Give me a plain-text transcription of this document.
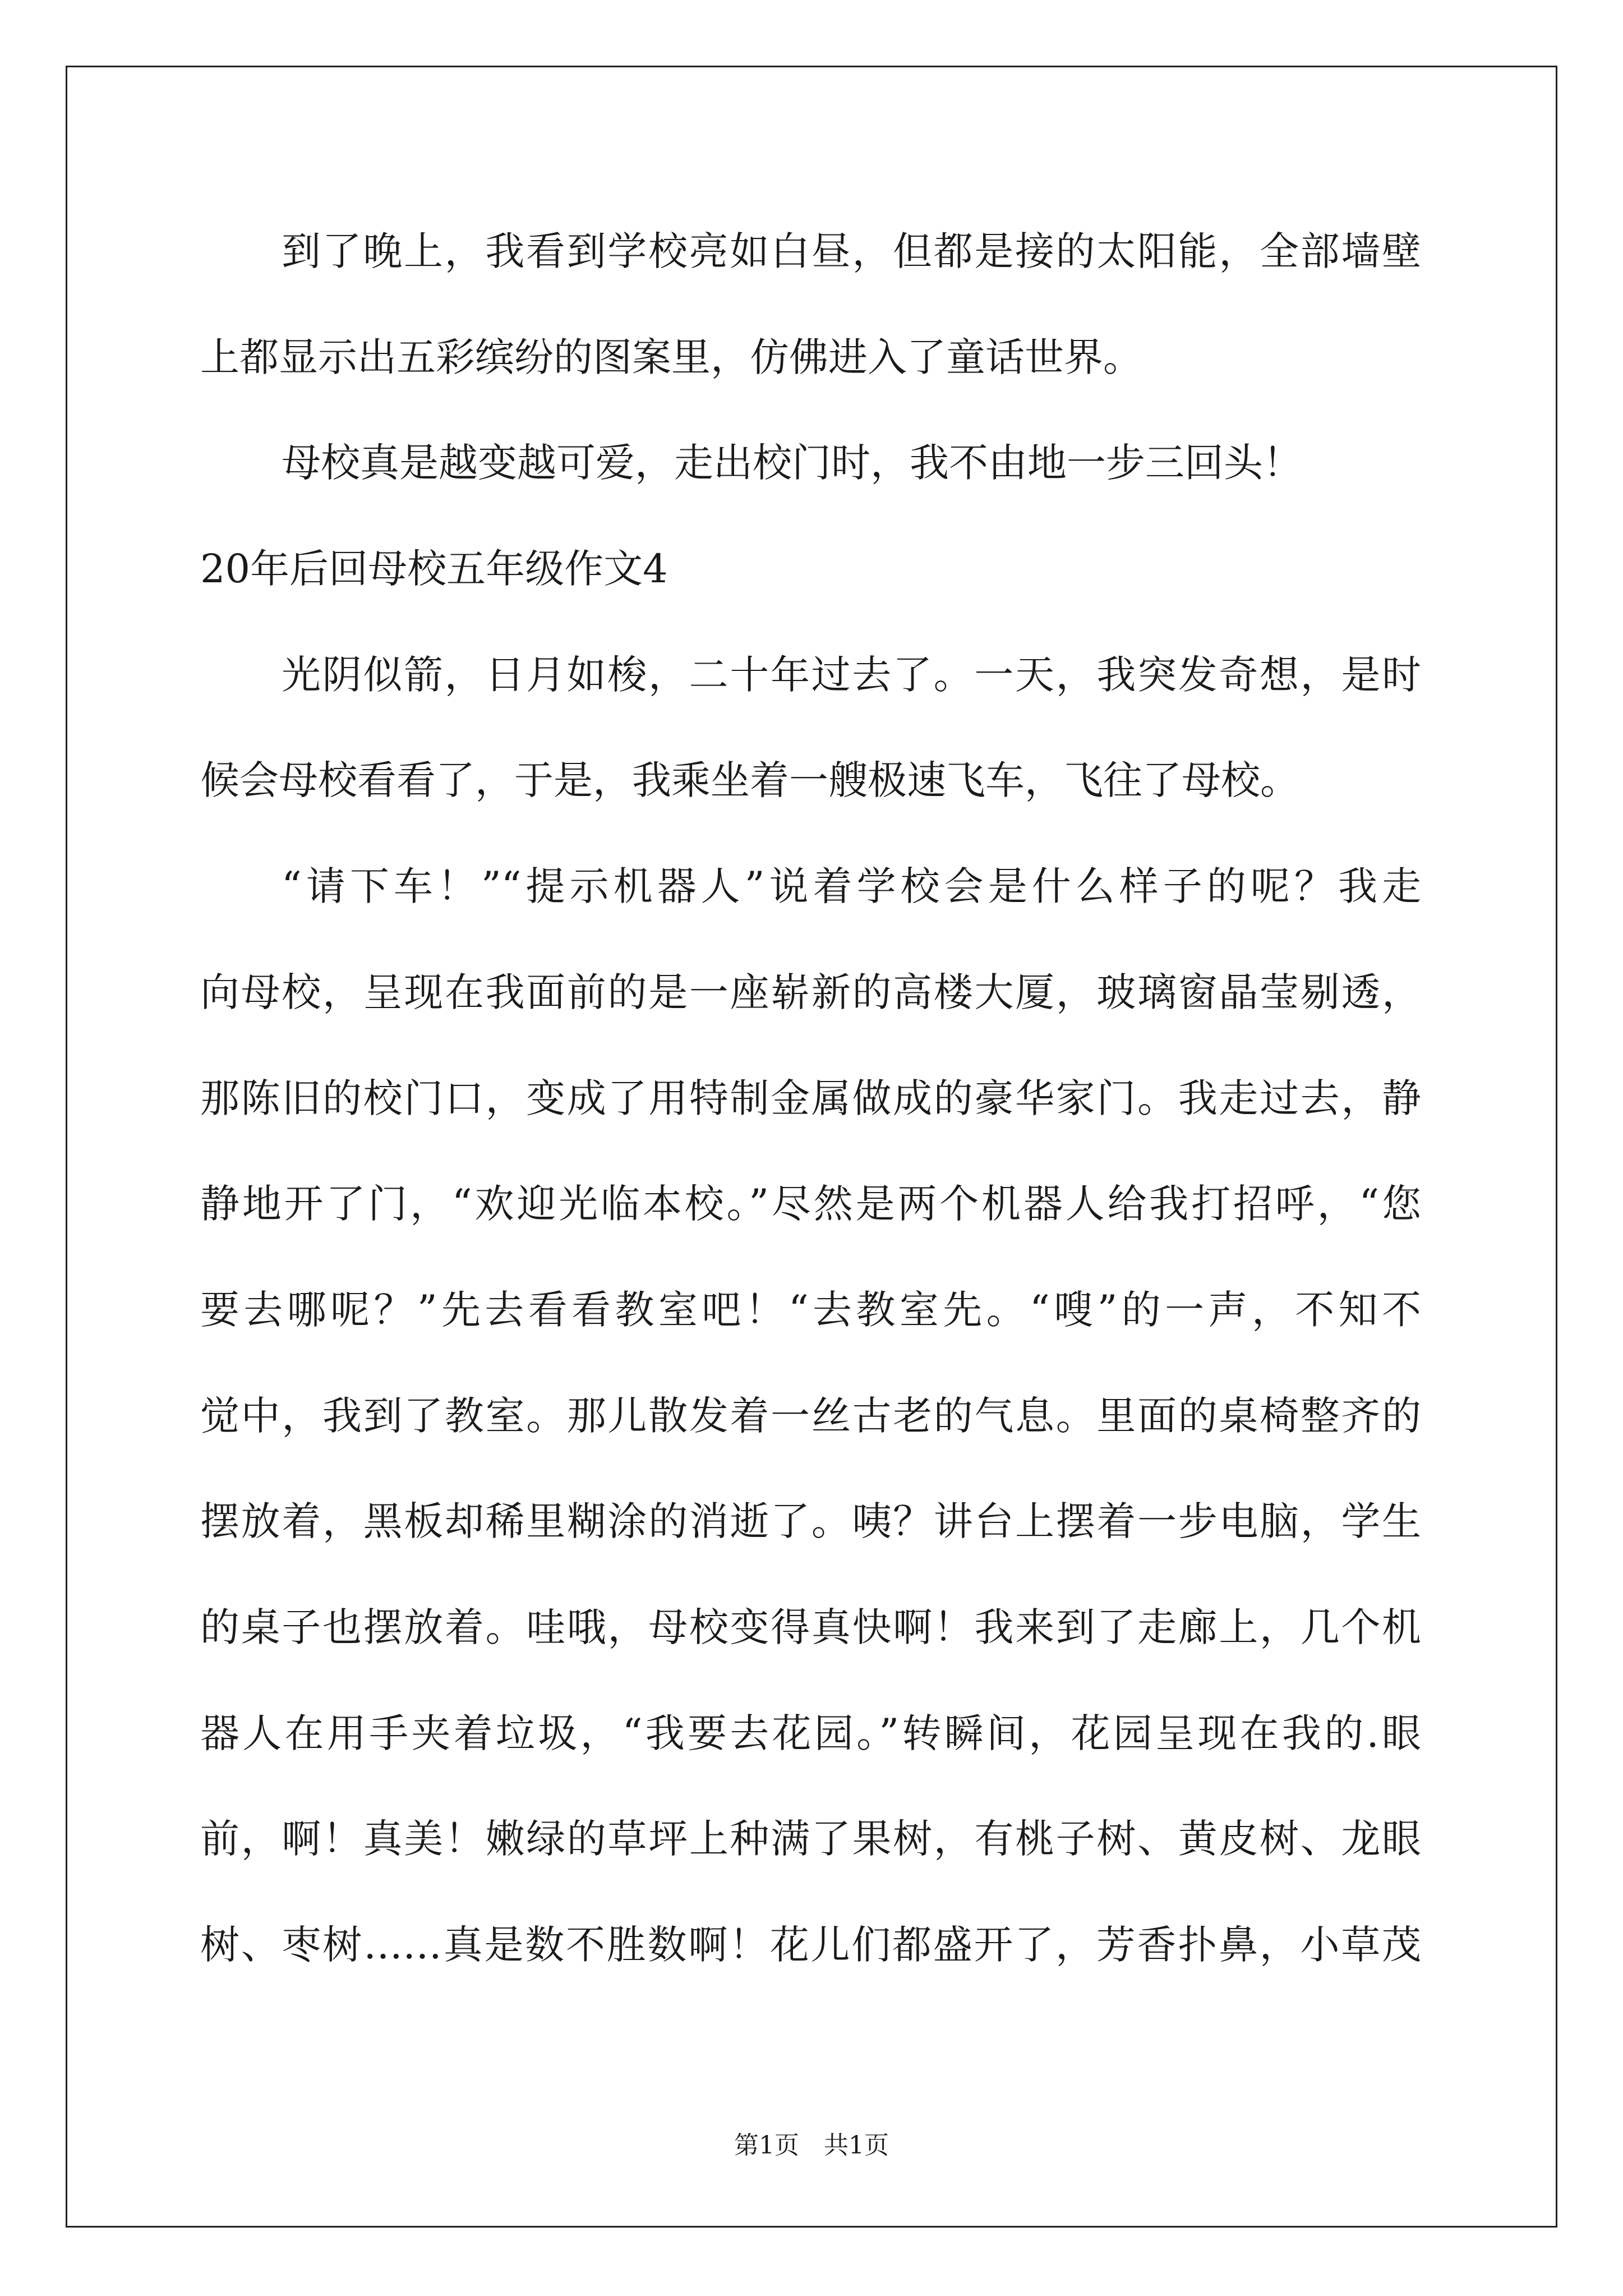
到了晚上，我看到学校亮如白昼，但都是接的太阳能，全部墙壁
上都显示出五彩缤纷的图案里，仿佛进入了童话世界。
母校真是越变越可爱，走出校门时，我不由地一步三回头！
20年后回母校五年级作文4
光阴似箭，日月如梭，二十年过去了。一天，我突发奇想，是时
候会母校看看了，于是，我乘坐着一艘极速飞车，飞往了母校。
“请下车！”“提示机器人”说着学校会是什么样子的呢？我走
向母校，呈现在我面前的是一座崭新的高楼大厦，玻璃窗晶莹剔透，
那陈旧的校门口，变成了用特制金属做成的豪华家门。我走过去，静
静地开了门，“欢迎光临本校。”尽然是两个机器人给我打招呼，“您
要去哪呢？”先去看看教室吧！“去教室先。“嗖”的一声，不知不
觉中，我到了教室。那儿散发着一丝古老的气息。里面的桌椅整齐的
摆放着，黑板却稀里糊涂的消逝了。咦？讲台上摆着一步电脑，学生
的桌子也摆放着。哇哦，母校变得真快啊！我来到了走廊上，几个机
器人在用手夹着垃圾，“我要去花园。”转瞬间，花园呈现在我的.眼
前，啊！真美！嫩绿的草坪上种满了果树，有桃子树、黄皮树、龙眼
树、枣树……真是数不胜数啊！花儿们都盛开了，芳香扑鼻，小草茂
第1页　共1页
